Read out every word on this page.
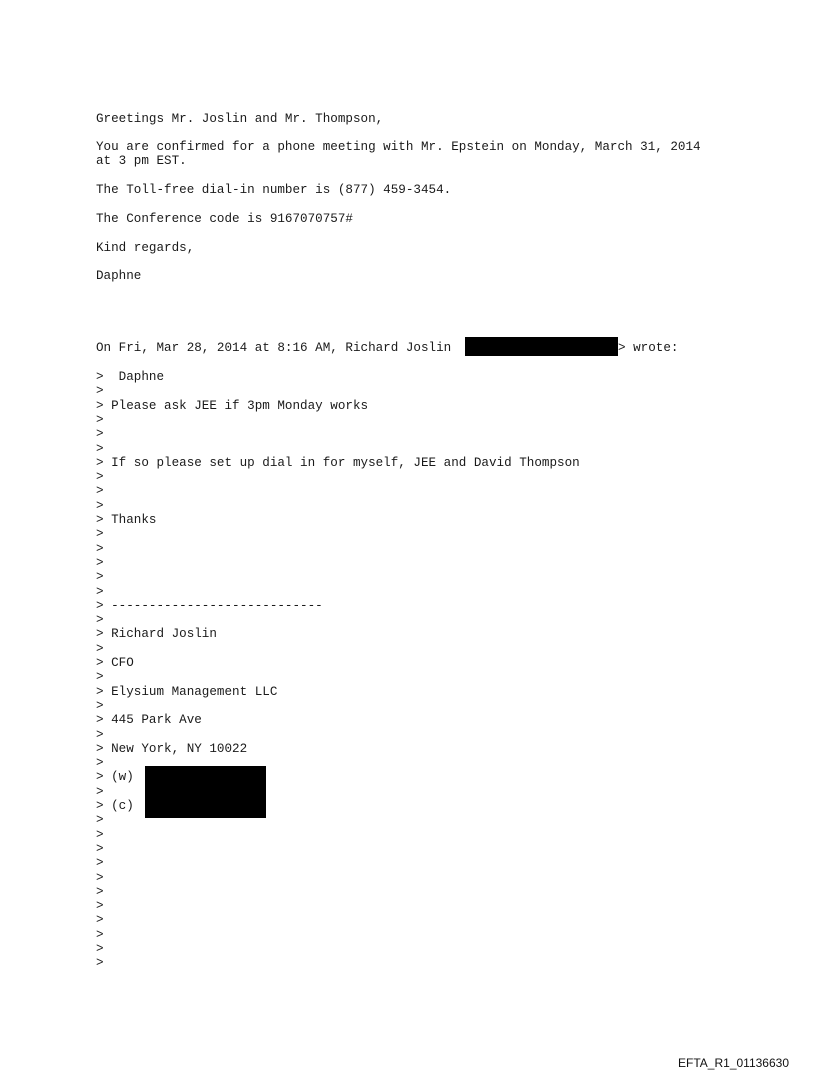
Greetings Mr. Joslin and Mr. Thompson,
You are confirmed for a phone meeting with Mr. Epstein on Monday, March 31, 2014
at 3 pm EST.
The Toll-free dial-in number is (877) 459-3454.
The Conference code is 9167070757#
Kind regards,
Daphne
On Fri, Mar 28, 2014 at 8:16 AM, Richard Joslin	> wrote:
>  Daphne
>
> Please ask JEE if 3pm Monday works
>
>
>
> If so please set up dial in for myself, JEE and David Thompson
>
>
>
> Thanks
>
>
>
>
>
> ----------------------------
>
> Richard Joslin
>
> CFO
>
> Elysium Management LLC
>
> 445 Park Ave
>
> New York, NY 10022
>
> (w)
>
> (c)
>
>
>
>
>
>
>
>
>
>
>
EFTA_R1_01136630
